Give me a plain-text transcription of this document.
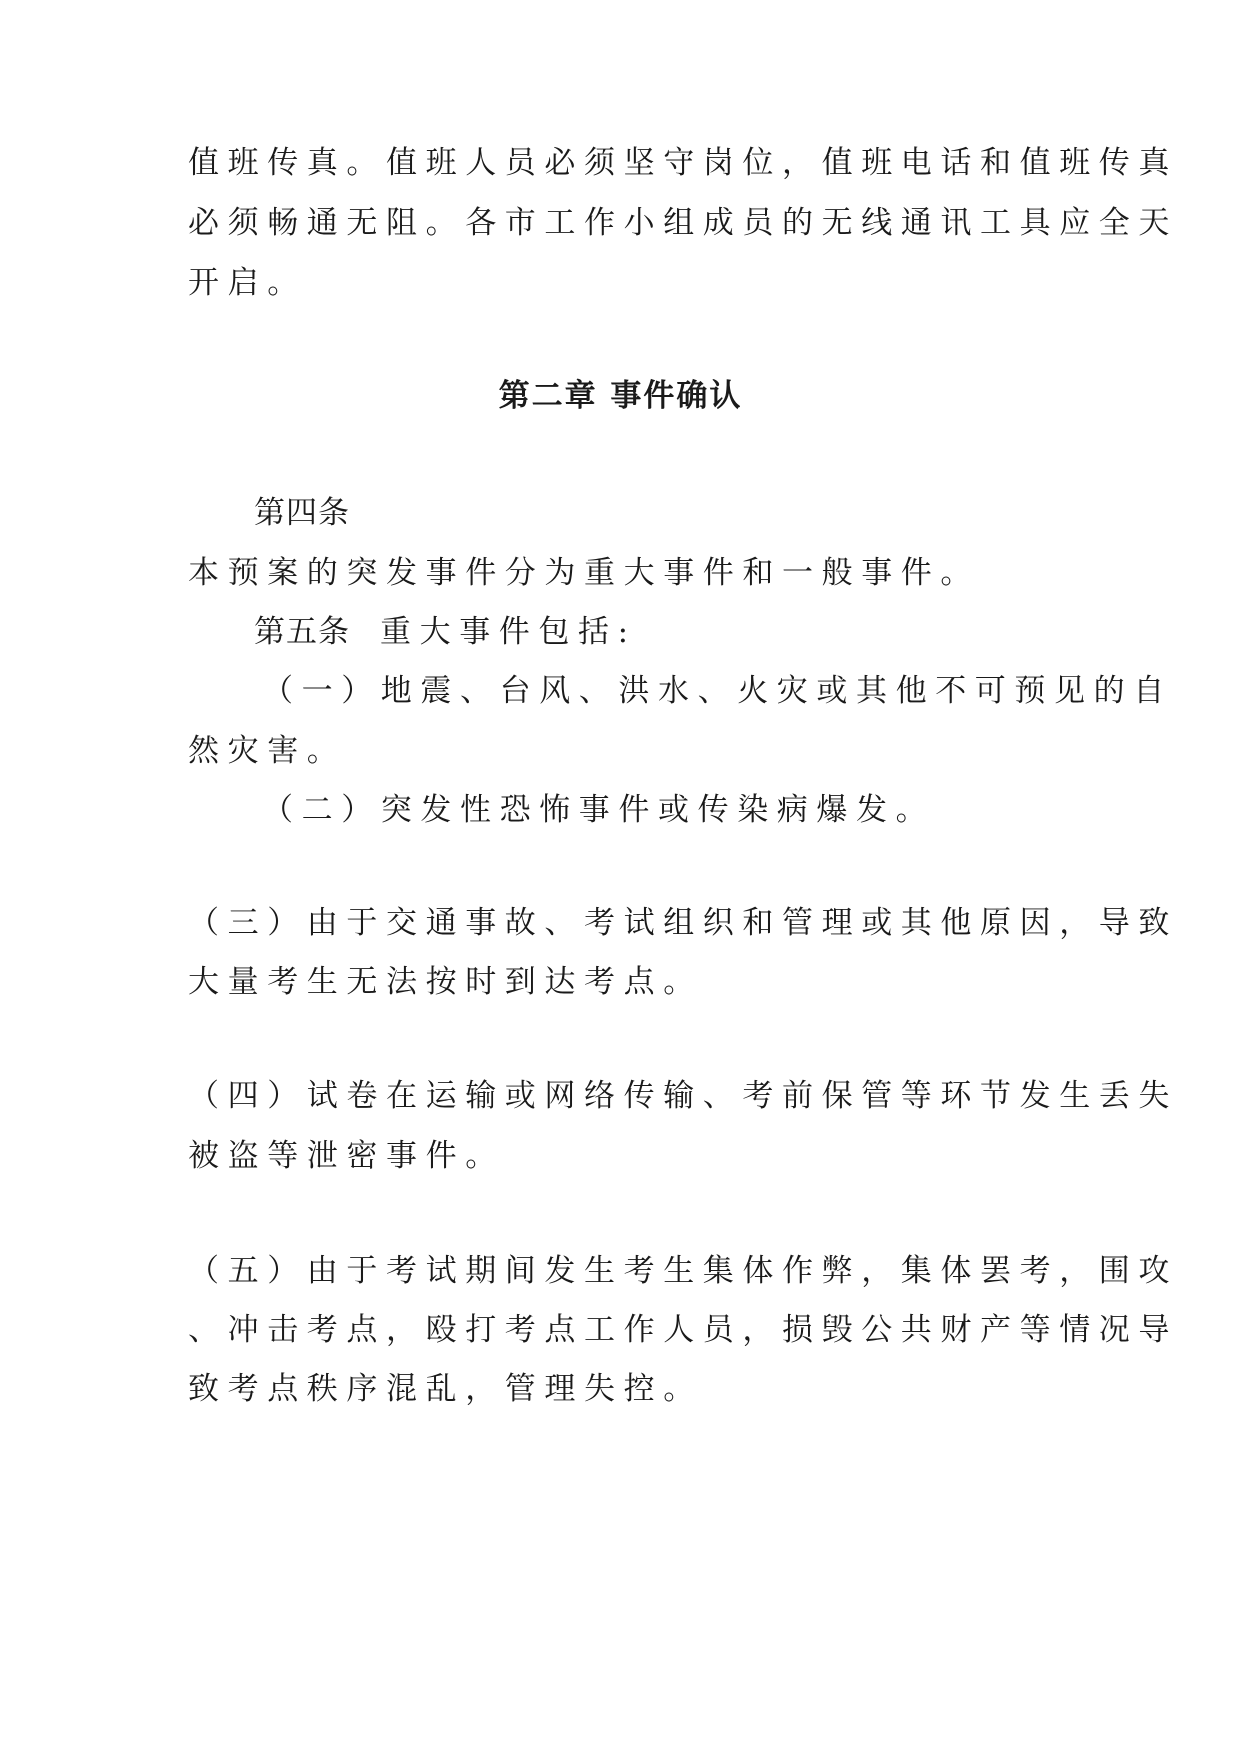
值班传真。值班人员必须坚守岗位，值班电话和值班传真

必须畅通无阻。各市工作小组成员的无线通讯工具应全天

开启。

第二章 事件确认

第四条

本预案的突发事件分为重大事件和一般事件。

第五条 重大事件包括:

（一）地震、台风、洪水、火灾或其他不可预见的自

然灾害。

（二）突发性恐怖事件或传染病爆发。

（三）由于交通事故、考试组织和管理或其他原因，导致

大量考生无法按时到达考点。

（四）试卷在运输或网络传输、考前保管等环节发生丢失

被盗等泄密事件。

（五）由于考试期间发生考生集体作弊，集体罢考，围攻

、冲击考点，殴打考点工作人员，损毁公共财产等情况导

致考点秩序混乱，管理失控。
